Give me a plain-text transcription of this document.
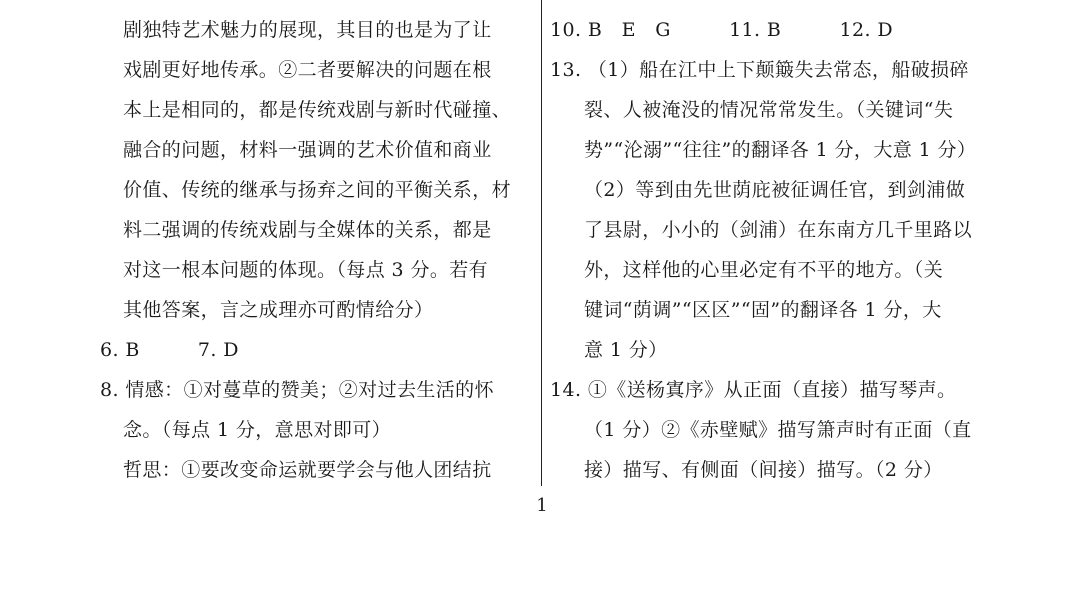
剧独特艺术魅力的展现，其目的也是为了让
戏剧更好地传承。②二者要解决的问题在根
本上是相同的，都是传统戏剧与新时代碰撞、
融合的问题，材料一强调的艺术价值和商业
价值、传统的继承与扬弃之间的平衡关系，材
料二强调的传统戏剧与全媒体的关系，都是
对这一根本问题的体现。（每点 3 分。若有
其他答案，言之成理亦可酌情给分）
6. B　　　7. D
8. 情感：①对蔓草的赞美；②对过去生活的怀
念。（每点 1 分，意思对即可）
哲思：①要改变命运就要学会与他人团结抗
10. B　E　G　　　11. B　　　12. D
13. （1）船在江中上下颠簸失去常态，船破损碎
裂、人被淹没的情况常常发生。（关键词“失
势”“沦溺”“往往”的翻译各 1 分，大意 1 分）
（2）等到由先世荫庇被征调任官，到剑浦做
了县尉，小小的（剑浦）在东南方几千里路以
外，这样他的心里必定有不平的地方。（关
键词“荫调”“区区”“固”的翻译各 1 分，大
意 1 分）
14. ①《送杨寘序》从正面（直接）描写琴声。
（1 分）②《赤壁赋》描写箫声时有正面（直
接）描写、有侧面（间接）描写。（2 分）
1
